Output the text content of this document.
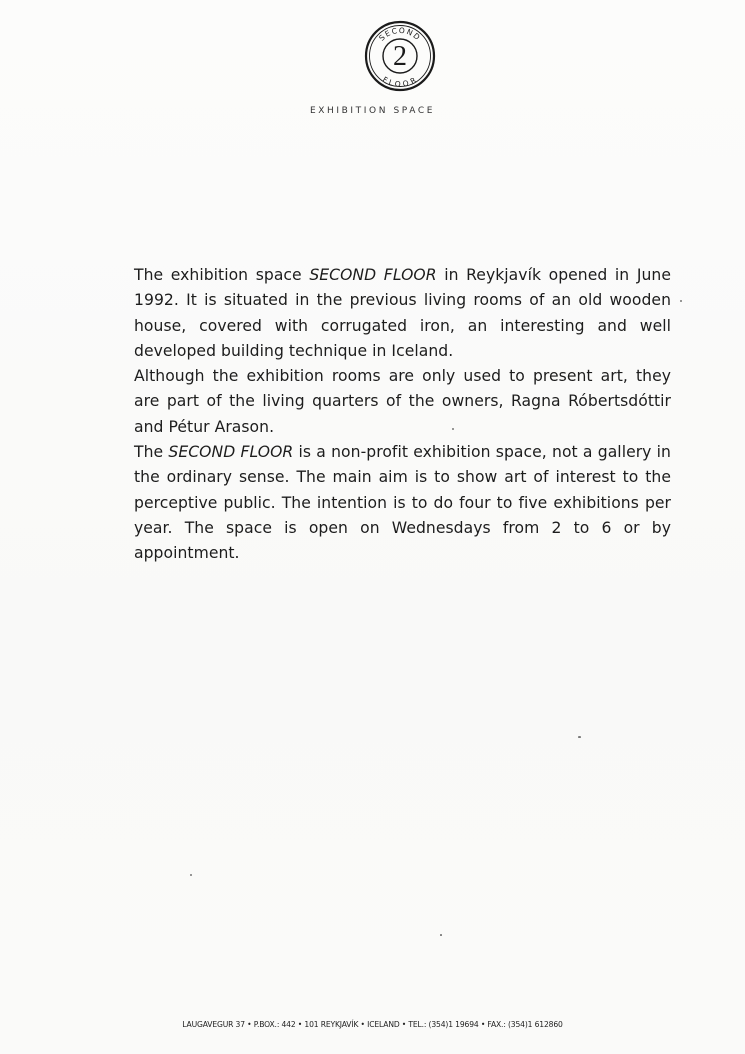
2
SECOND
FLOOR
EXHIBITION SPACE
The exhibition space SECOND FLOOR in Reykjavík opened in June
1992. It is situated in the previous living rooms of an old wooden
house, covered with corrugated iron, an interesting and well
developed building technique in Iceland.
Although the exhibition rooms are only used to present art, they
are part of the living quarters of the owners, Ragna Róbertsdóttir
and Pétur Arason.
The SECOND FLOOR is a non-profit exhibition space, not a gallery in
the ordinary sense. The main aim is to show art of interest to the
perceptive public. The intention is to do four to five exhibitions per
year. The space is open on Wednesdays from 2 to 6 or by
appointment.
LAUGAVEGUR 37 • P.BOX.: 442 • 101 REYKJAVÍK • ICELAND • TEL.: (354)1 19694 • FAX.: (354)1 612860
